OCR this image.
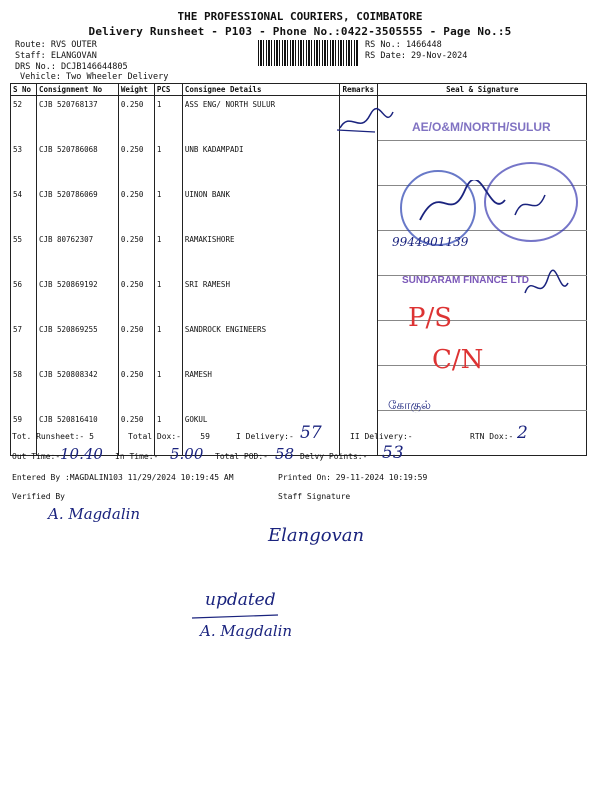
THE PROFESSIONAL COURIERS, COIMBATORE
Delivery Runsheet - P103 - Phone No.:0422-3505555 - Page No.:5
Route: RVS OUTER
Staff: ELANGOVAN
DRS No.: DCJB146644805
Vehicle: Two Wheeler Delivery
RS No.: 1466448
RS Date: 29-Nov-2024
S No	Consignment No	Weight	PCS	Consignee Details	Remarks	Seal & Signature
52	CJB 520768137	0.250	1	ASS ENG/ NORTH SULUR		
53	CJB 520786068	0.250	1	UNB KADAMPADI		
54	CJB 520786069	0.250	1	UINON BANK		
55	CJB 80762307	0.250	1	RAMAKISHORE		
56	CJB 520869192	0.250	1	SRI RAMESH		
57	CJB 520869255	0.250	1	SANDROCK ENGINEERS		
58	CJB 520808342	0.250	1	RAMESH		
59	CJB 520816410	0.250	1	GOKUL		
AE/O&M/NORTH/SULUR
9944901139
SUNDARAM FINANCE LTD
P/S
C/N
கோகுல்
Tot. Runsheet:- 5	Total Dox:-    59	I Delivery:- 57	II Delivery:-	RTN Dox:- 2
Out Time:- 10.40 In Time:- 5.00 Total POD:- 58 Delvy Points:- 53
Entered By :MAGDALIN103 11/29/2024 10:19:45 AM	Printed On: 29-11-2024 10:19:59
Verified By	Staff Signature
A. Magdalin
Elangovan
updated
A. Magdalin
